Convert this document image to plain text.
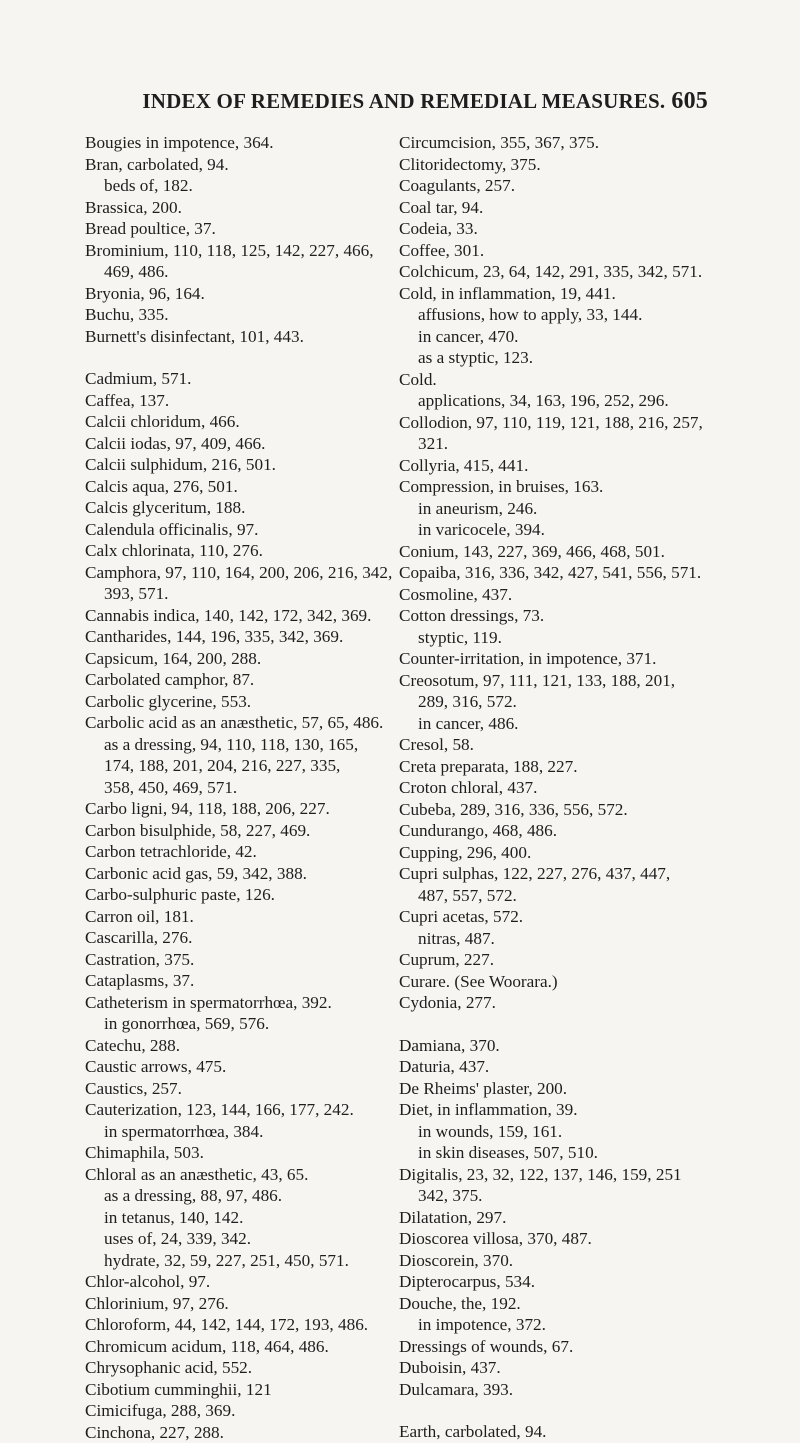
INDEX OF REMEDIES AND REMEDIAL MEASURES. 605
Bougies in impotence, 364.
Bran, carbolated, 94.
beds of, 182.
Brassica, 200.
Bread poultice, 37.
Brominium, 110, 118, 125, 142, 227, 466,
469, 486.
Bryonia, 96, 164.
Buchu, 335.
Burnett's disinfectant, 101, 443.
Cadmium, 571.
Caffea, 137.
Calcii chloridum, 466.
Calcii iodas, 97, 409, 466.
Calcii sulphidum, 216, 501.
Calcis aqua, 276, 501.
Calcis glyceritum, 188.
Calendula officinalis, 97.
Calx chlorinata, 110, 276.
Camphora, 97, 110, 164, 200, 206, 216, 342,
393, 571.
Cannabis indica, 140, 142, 172, 342, 369.
Cantharides, 144, 196, 335, 342, 369.
Capsicum, 164, 200, 288.
Carbolated camphor, 87.
Carbolic glycerine, 553.
Carbolic acid as an anæsthetic, 57, 65, 486.
as a dressing, 94, 110, 118, 130, 165,
174, 188, 201, 204, 216, 227, 335,
358, 450, 469, 571.
Carbo ligni, 94, 118, 188, 206, 227.
Carbon bisulphide, 58, 227, 469.
Carbon tetrachloride, 42.
Carbonic acid gas, 59, 342, 388.
Carbo-sulphuric paste, 126.
Carron oil, 181.
Cascarilla, 276.
Castration, 375.
Cataplasms, 37.
Catheterism in spermatorrhœa, 392.
in gonorrhœa, 569, 576.
Catechu, 288.
Caustic arrows, 475.
Caustics, 257.
Cauterization, 123, 144, 166, 177, 242.
in spermatorrhœa, 384.
Chimaphila, 503.
Chloral as an anæsthetic, 43, 65.
as a dressing, 88, 97, 486.
in tetanus, 140, 142.
uses of, 24, 339, 342.
hydrate, 32, 59, 227, 251, 450, 571.
Chlor-alcohol, 97.
Chlorinium, 97, 276.
Chloroform, 44, 142, 144, 172, 193, 486.
Chromicum acidum, 118, 464, 486.
Chrysophanic acid, 552.
Cibotium cumminghii, 121
Cimicifuga, 288, 369.
Cinchona, 227, 288.
Circumcision, 355, 367, 375.
Clitoridectomy, 375.
Coagulants, 257.
Coal tar, 94.
Codeia, 33.
Coffee, 301.
Colchicum, 23, 64, 142, 291, 335, 342, 571.
Cold, in inflammation, 19, 441.
affusions, how to apply, 33, 144.
in cancer, 470.
as a styptic, 123.
Cold.
applications, 34, 163, 196, 252, 296.
Collodion, 97, 110, 119, 121, 188, 216, 257,
321.
Collyria, 415, 441.
Compression, in bruises, 163.
in aneurism, 246.
in varicocele, 394.
Conium, 143, 227, 369, 466, 468, 501.
Copaiba, 316, 336, 342, 427, 541, 556, 571.
Cosmoline, 437.
Cotton dressings, 73.
styptic, 119.
Counter-irritation, in impotence, 371.
Creosotum, 97, 111, 121, 133, 188, 201,
289, 316, 572.
in cancer, 486.
Cresol, 58.
Creta preparata, 188, 227.
Croton chloral, 437.
Cubeba, 289, 316, 336, 556, 572.
Cundurango, 468, 486.
Cupping, 296, 400.
Cupri sulphas, 122, 227, 276, 437, 447,
487, 557, 572.
Cupri acetas, 572.
nitras, 487.
Cuprum, 227.
Curare. (See Woorara.)
Cydonia, 277.
Damiana, 370.
Daturia, 437.
De Rheims' plaster, 200.
Diet, in inflammation, 39.
in wounds, 159, 161.
in skin diseases, 507, 510.
Digitalis, 23, 32, 122, 137, 146, 159, 251
342, 375.
Dilatation, 297.
Dioscorea villosa, 370, 487.
Dioscorein, 370.
Dipterocarpus, 534.
Douche, the, 192.
in impotence, 372.
Dressings of wounds, 67.
Duboisin, 437.
Dulcamara, 393.
Earth, carbolated, 94.
